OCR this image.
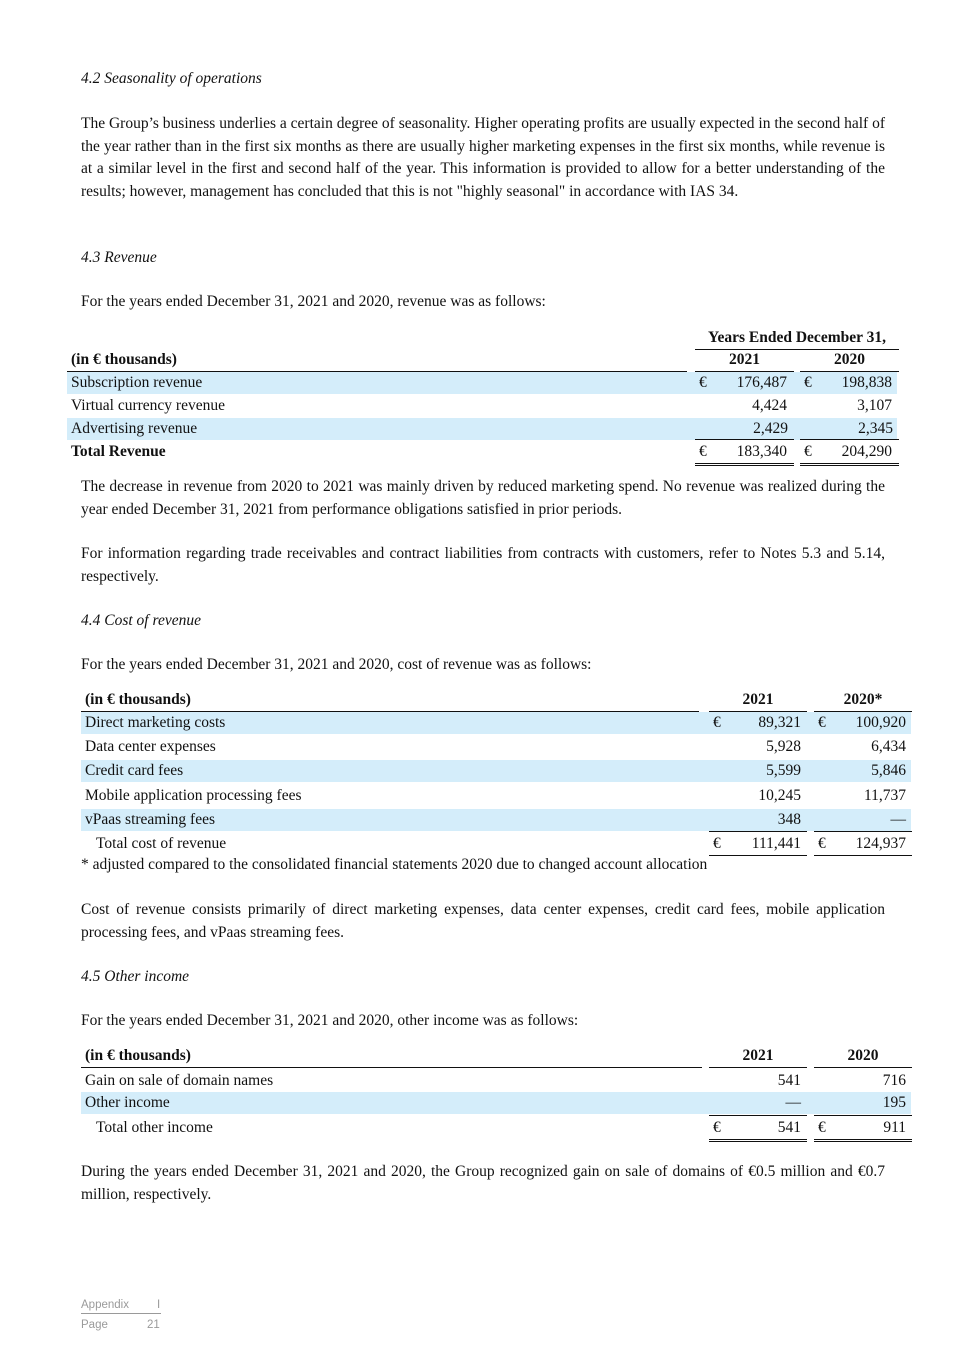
4.2 Seasonality of operations
The Group’s business underlies a certain degree of seasonality. Higher operating profits are usually expected in the second half of the year rather than in the first six months as there are usually higher marketing expenses in the first six months, while revenue is at a similar level in the first and second half of the year. This information is provided to allow for a better understanding of the results; however, management has concluded that this is not "highly seasonal" in accordance with IAS 34.
4.3 Revenue
For the years ended December 31, 2021 and 2020, revenue was as follows:
Years Ended December 31,
(in € thousands)	2021	2020
Subscription revenue	€	176,487 €	198,838
Virtual currency revenue	4,424	3,107
Advertising revenue	2,429	2,345
Total Revenue	€	183,340 €	204,290
The decrease in revenue from 2020 to 2021 was mainly driven by reduced marketing spend. No revenue was realized during the year ended December 31, 2021 from performance obligations satisfied in prior periods.
For information regarding trade receivables and contract liabilities from contracts with customers, refer to Notes 5.3 and 5.14, respectively.
4.4 Cost of revenue
For the years ended December 31, 2021 and 2020, cost of revenue was as follows:
(in € thousands)	2021	2020*
Direct marketing costs	€	89,321 €	100,920
Data center expenses	5,928	6,434
Credit card fees	5,599	5,846
Mobile application processing fees	10,245	11,737
vPaas streaming fees	348	—
Total cost of revenue	€	111,441 €	124,937
* adjusted compared to the consolidated financial statements 2020 due to changed account allocation
Cost of revenue consists primarily of direct marketing expenses, data center expenses, credit card fees, mobile application processing fees, and vPaas streaming fees.
4.5 Other income
For the years ended December 31, 2021 and 2020, other income was as follows:
(in € thousands)	2021	2020
Gain on sale of domain names	541	716
Other income	—	195
Total other income	€	541 €	911
During the years ended December 31, 2021 and 2020, the Group recognized gain on sale of domains of €0.5 million and €0.7 million, respectively.
Appendix I
Page	21
